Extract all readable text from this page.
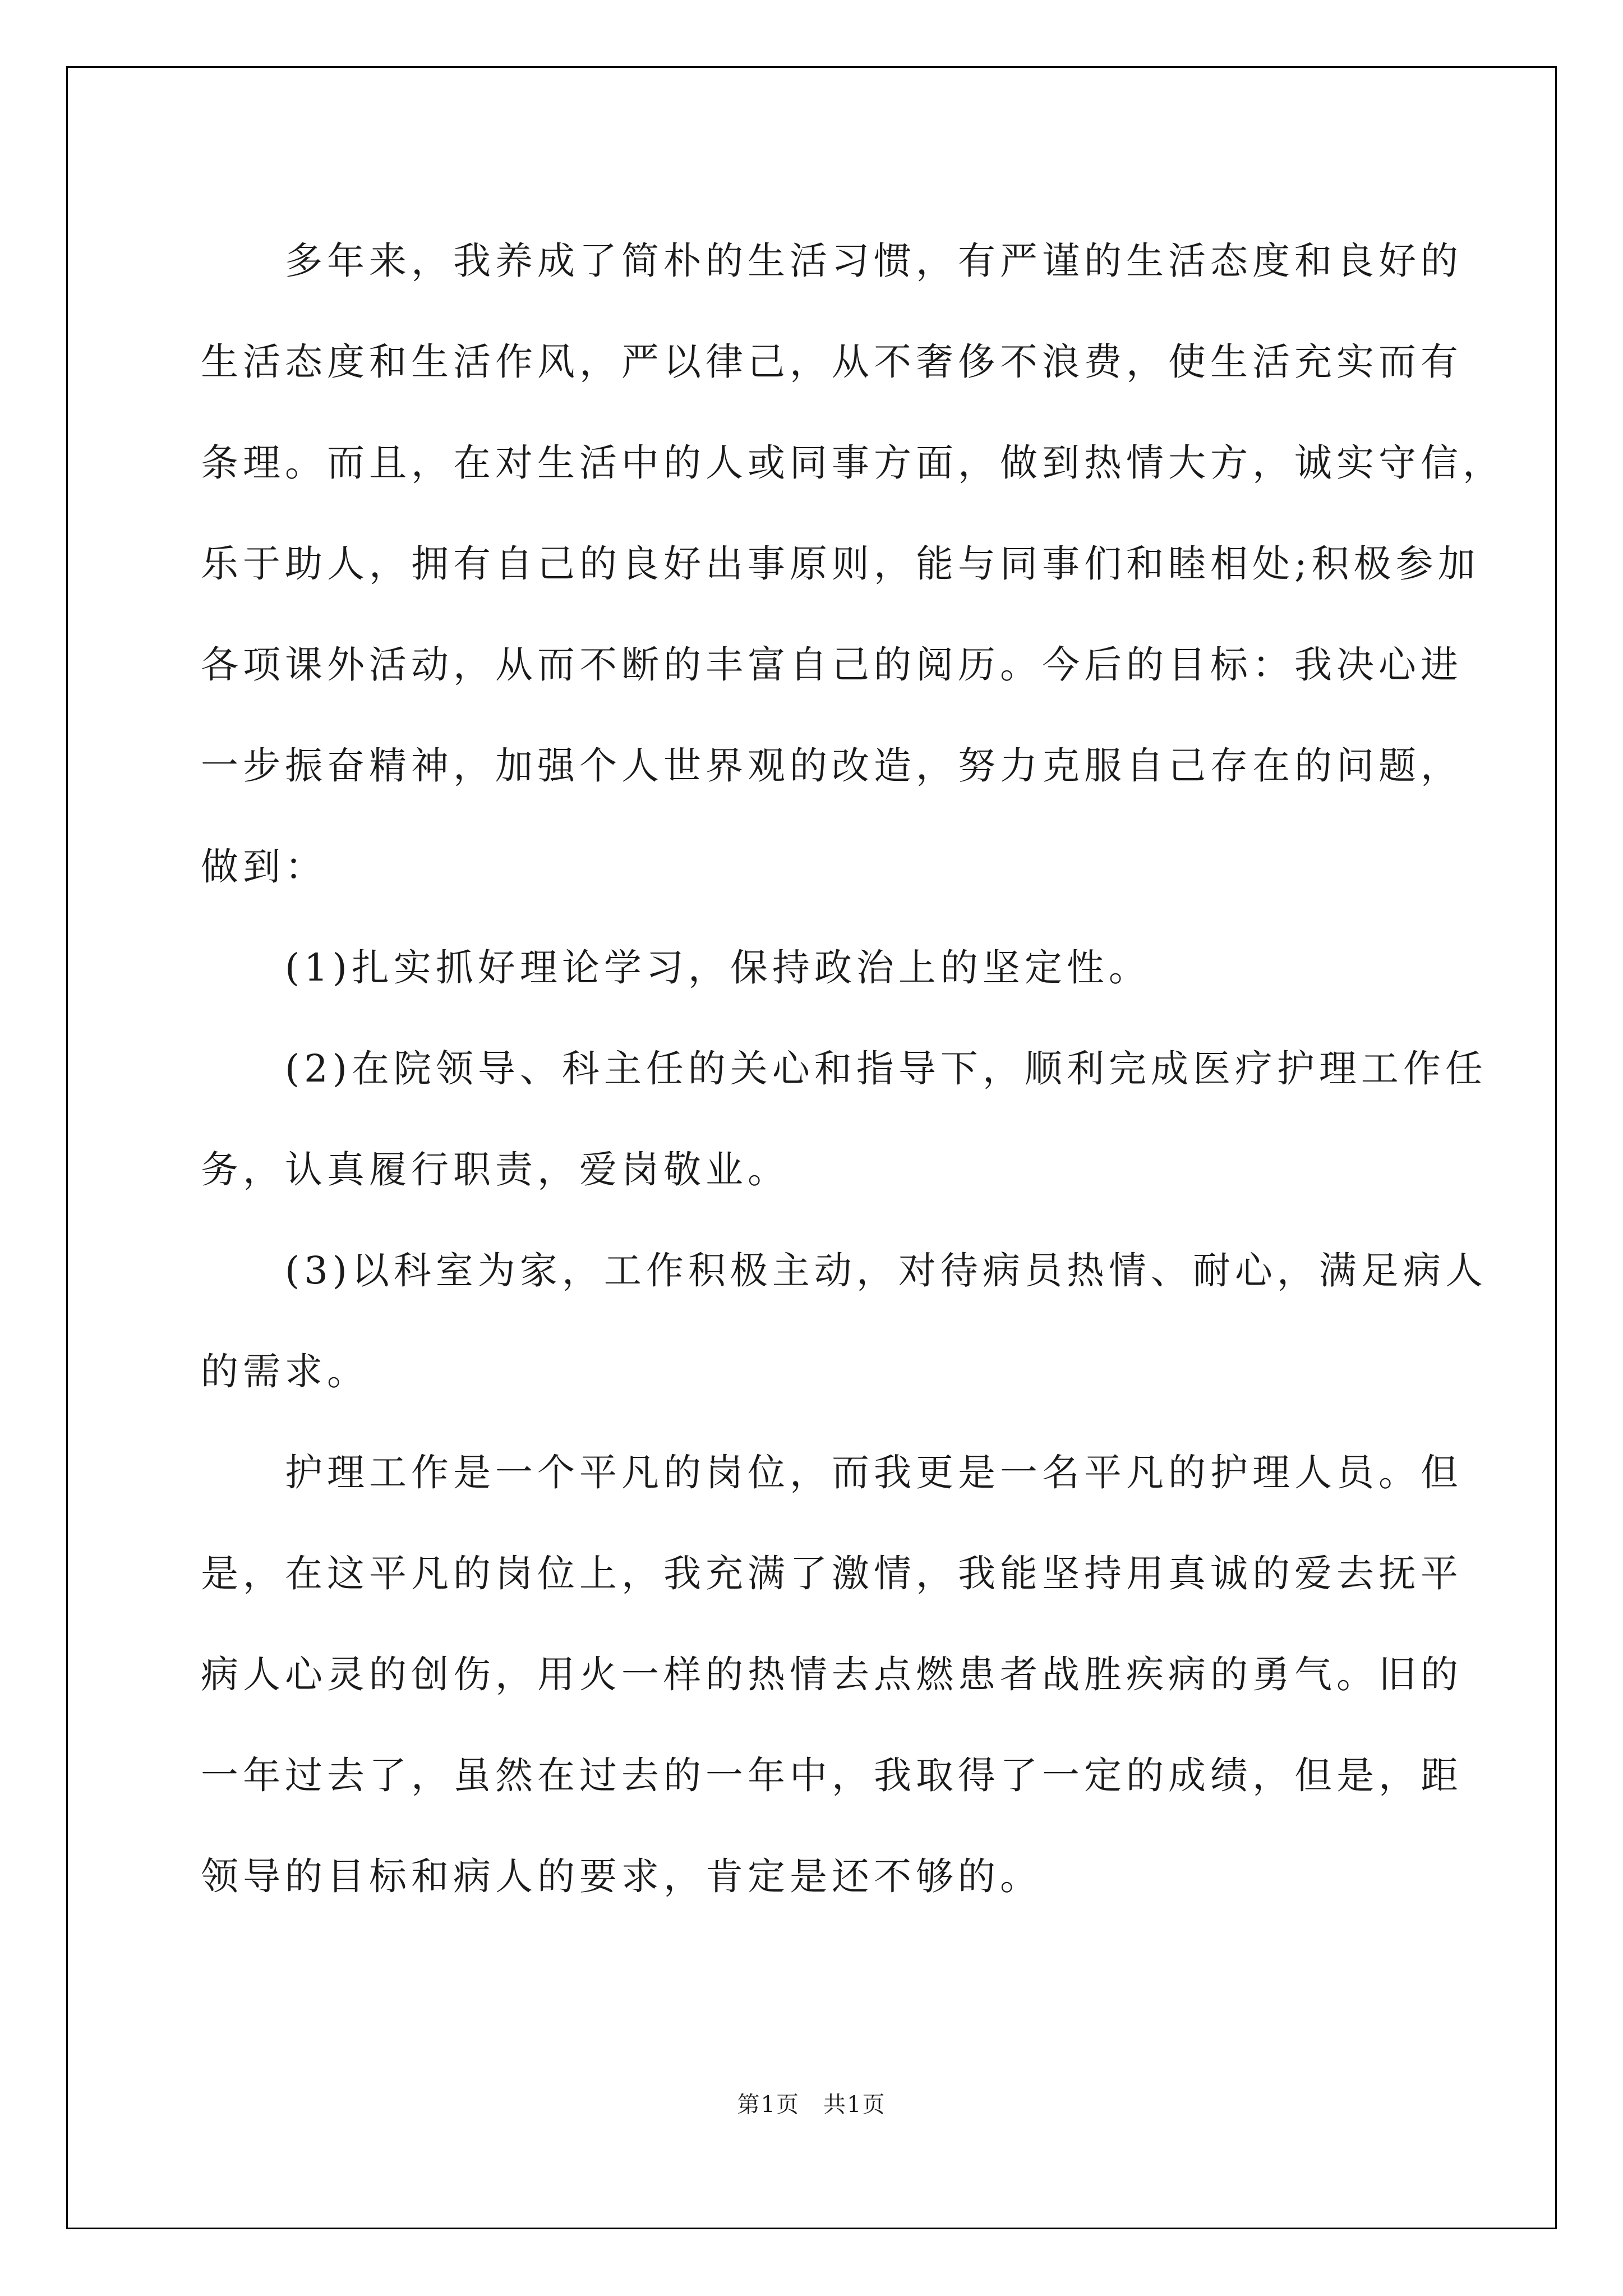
多年来，我养成了简朴的生活习惯，有严谨的生活态度和良好的
生活态度和生活作风，严以律己，从不奢侈不浪费，使生活充实而有
条理。而且，在对生活中的人或同事方面，做到热情大方，诚实守信，
乐于助人，拥有自己的良好出事原则，能与同事们和睦相处;积极参加
各项课外活动，从而不断的丰富自己的阅历。今后的目标：我决心进
一步振奋精神，加强个人世界观的改造，努力克服自己存在的问题，
做到：

(1)扎实抓好理论学习，保持政治上的坚定性。

(2)在院领导、科主任的关心和指导下，顺利完成医疗护理工作任
务，认真履行职责，爱岗敬业。

(3)以科室为家，工作积极主动，对待病员热情、耐心，满足病人
的需求。

护理工作是一个平凡的岗位，而我更是一名平凡的护理人员。但
是，在这平凡的岗位上，我充满了激情，我能坚持用真诚的爱去抚平
病人心灵的创伤，用火一样的热情去点燃患者战胜疾病的勇气。旧的
一年过去了，虽然在过去的一年中，我取得了一定的成绩，但是，距
领导的目标和病人的要求，肯定是还不够的。

第1页　共1页
